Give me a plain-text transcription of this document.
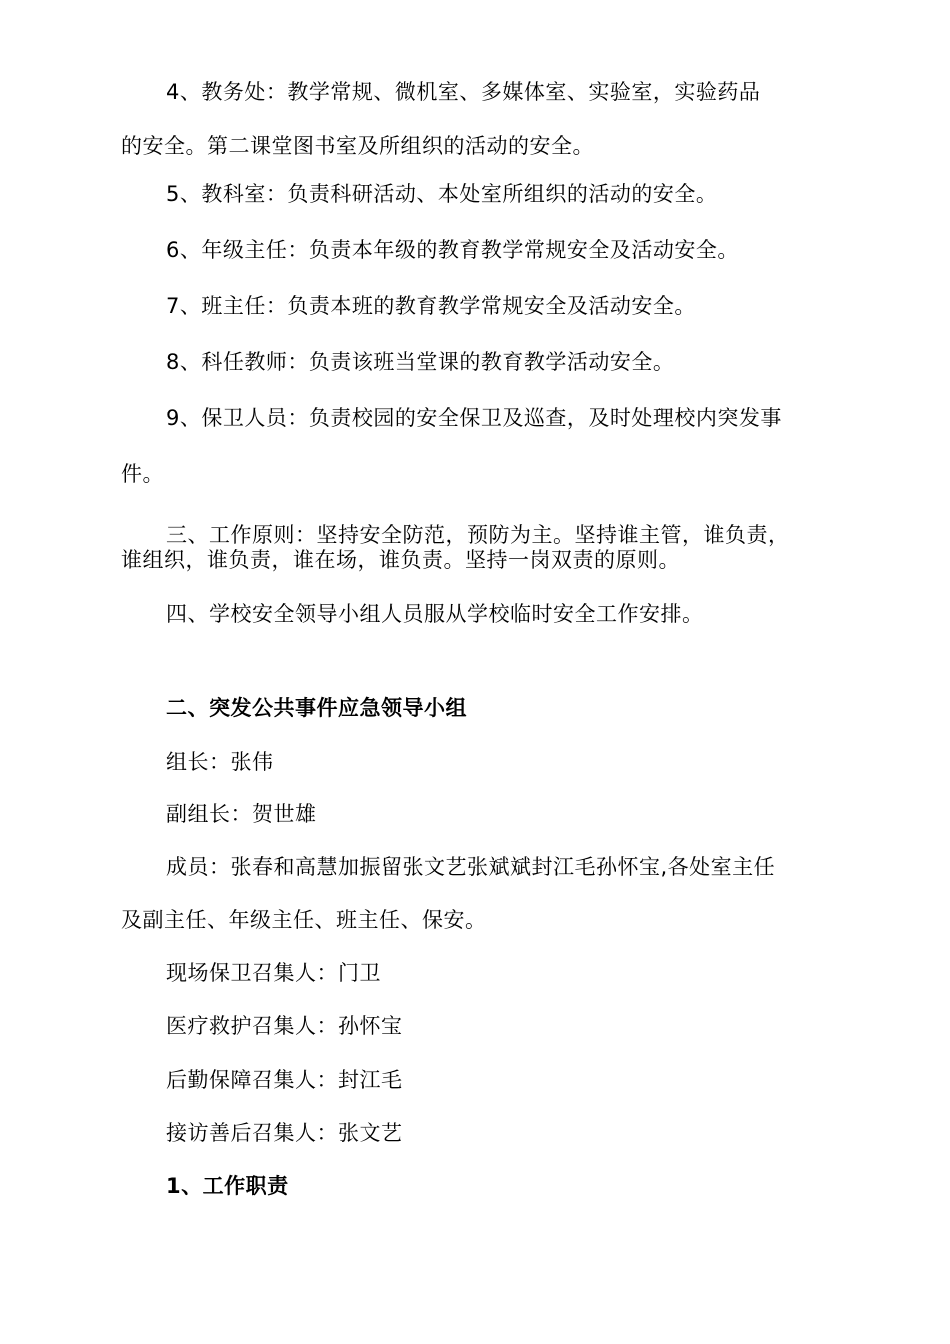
4、教务处：教学常规、微机室、多媒体室、实验室，实验药品
的安全。第二课堂图书室及所组织的活动的安全。
5、教科室：负责科研活动、本处室所组织的活动的安全。
6、年级主任：负责本年级的教育教学常规安全及活动安全。
7、班主任：负责本班的教育教学常规安全及活动安全。
8、科任教师：负责该班当堂课的教育教学活动安全。
9、保卫人员：负责校园的安全保卫及巡查，及时处理校内突发事
件。
三、工作原则：坚持安全防范，预防为主。坚持谁主管，谁负责，
谁组织，谁负责，谁在场，谁负责。坚持一岗双责的原则。
四、学校安全领导小组人员服从学校临时安全工作安排。
二、突发公共事件应急领导小组
组长：张伟
副组长：贺世雄
成员：张春和高慧加振留张文艺张斌斌封江毛孙怀宝,各处室主任
及副主任、年级主任、班主任、保安。
现场保卫召集人：门卫
医疗救护召集人：孙怀宝
后勤保障召集人：封江毛
接访善后召集人：张文艺
1、工作职责
